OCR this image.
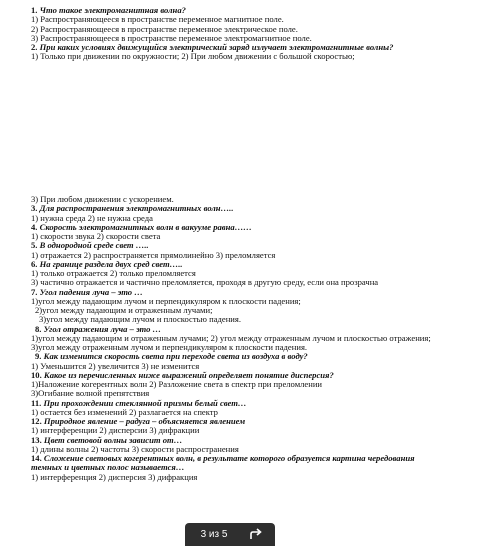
1. Что такое электромагнитная волна?
1) Распространяющееся в пространстве переменное магнитное поле.
2) Распространяющееся в пространстве переменное электрическое поле.
3) Распространяющееся в пространстве переменное электромагнитное поле.
2. При каких условиях движущийся электрический заряд излучает электромагнитные волны?
1) Только при движении по окружности; 2) При любом движении с большой скоростью;
3) При любом движении с ускорением.
3. Для распространения электромагнитных волн…..
1) нужна среда 2) не нужна среда
4. Скорость электромагнитных волн в вакууме равна……
1) скорости звука 2) скорости света
5. В однородной среде свет …..
1) отражается 2) распространяется прямолинейно 3) преломляется
6. На границе раздела двух сред свет…..
1) только отражается 2) только преломляется
3) частично отражается и частично преломляется, проходя в другую среду, если она прозрачна
7. Угол падения луча – это …
1)угол между падающим лучом и перпендикуляром к плоскости падения;
2)угол между падающим и отраженным лучами;
3)угол между падающим лучом и плоскостью падения.
8. Угол отражения луча – это …
1)угол между падающим и отраженным лучами; 2) угол между отраженным лучом и плоскостью отражения;
3)угол между отраженным лучом и перпендикуляром к плоскости падения.
9. Как изменится скорость света при переходе света из воздуха в воду?
1) Уменьшится 2) увеличится 3) не изменится
10. Какое из перечисленных ниже выражений определяет понятие дисперсия?
1)Наложение когерентных волн 2) Разложение света в спектр при преломлении
3)Огибание волной препятствия
11. При прохождении стеклянной призмы белый свет…
1) остается без изменений 2) разлагается на спектр
12. Природное явление – радуга – объясняется явлением
1) интерференции 2) дисперсии 3) дифракции
13. Цвет световой волны зависит от…
1) длины волны 2) частоты 3) скорости распространения
14. Сложение световых когерентных волн, в результате которого образуется картина чередования
темных и цветных полос называется…
1) интерференция 2) дисперсия 3) дифракция
3 из 5
